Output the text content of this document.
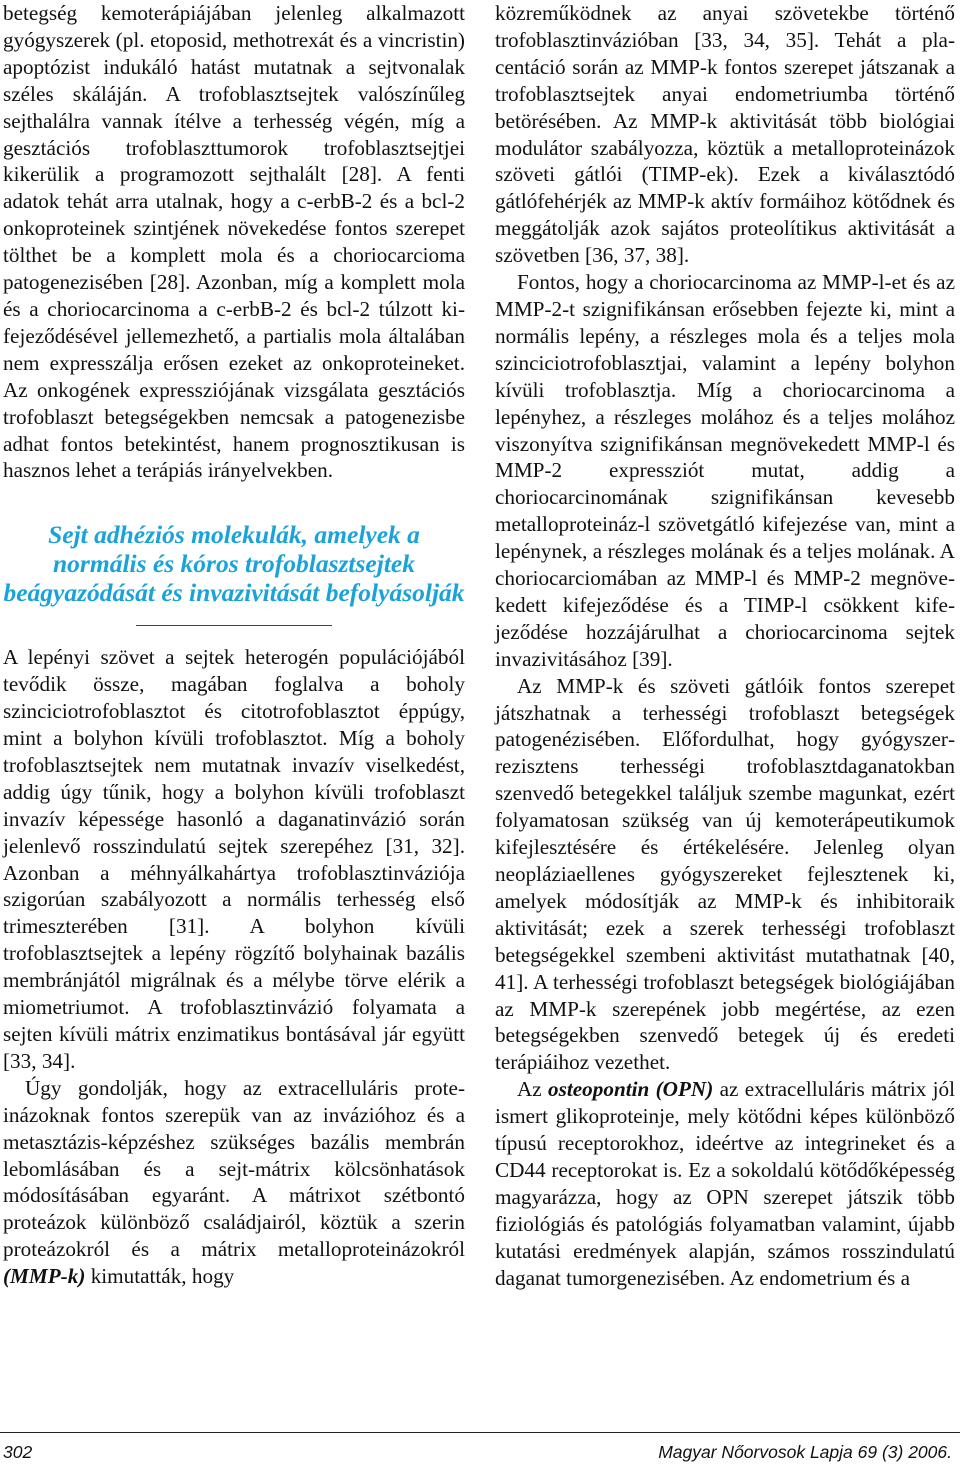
betegség kemoterápiájában jelenleg alkalmazott gyógyszerek (pl. etoposid, methotrexát és a vincristin) apoptózist indukáló hatást mutatnak a sejtvonalak széles skáláján. A trofoblasztsejtek valószínűleg sejthalálra vannak ítélve a terhesség végén, míg a gesztációs trofoblaszttumorok trofoblasztsejtjei kikerülik a programozott sejthalált [28]. A fenti adatok tehát arra utalnak, hogy a c-erbB-2 és a bcl-2 onkoproteinek szintjének növekedése fontos szerepet tölthet be a komplett mola és a choriocarcioma patogenezisében [28]. Azonban, míg a komplett mola és a choriocarcinoma a c-erbB-2 és bcl-2 túlzott kifejeződésével jellemezhető, a partialis mola általában nem expresszálja erősen ezeket az onkoproteineket. Az onkogének expressziójának vizsgálata gesztációs trofoblaszt betegségekben nemcsak a patogenezisbe adhat fontos betekintést, hanem prognosztikusan is hasznos lehet a terápiás irányelvekben.

Sejt adhéziós molekulák, amelyek a normális és kóros trofoblasztsejtek beágyazódását és invazivitását befolyásolják

A lepényi szövet a sejtek heterogén populációjából tevődik össze, magában foglalva a boholy szinciciotrofoblasztot és citotrofoblasztot éppúgy, mint a bolyhon kívüli trofoblasztot. Míg a boholy trofoblasztsejtek nem mutatnak invazív viselkedést, addig úgy tűnik, hogy a bolyhon kívüli trofoblaszt invazív képessége hasonló a daganatinvázió során jelenlevő rosszindulatú sejtek szerepéhez [31, 32]. Azonban a méhnyálkahártya trofoblasztinváziója szigorúan szabályozott a normális terhesség első trimeszterében [31]. A bolyhon kívüli trofoblasztsejtek a lepény rögzítő bolyhainak bazális membránjától migrálnak és a mélybe törve elérik a miometriumot. A trofoblasztinvázió folyamata a sejten kívüli mátrix enzimatikus bontásával jár együtt [33, 34].

Úgy gondolják, hogy az extracelluláris proteinázoknak fontos szerepük van az invázióhoz és a metasztázis-képzéshez szükséges bazális membrán lebomlásában és a sejt-mátrix kölcsönhatások módosításában egyaránt. A mátrixot szétbontó proteázok különböző családjairól, köztük a szerin proteázokról és a mátrix metalloproteinázokról (MMP-k) kimutatták, hogy

közreműködnek az anyai szövetekbe történő trofoblasztinvázióban [33, 34, 35]. Tehát a placentáció során az MMP-k fontos szerepet játszanak a trofoblasztsejtek anyai endometriumba történő betörésében. Az MMP-k aktivitását több biológiai modulátor szabályozza, köztük a metalloproteinázok szöveti gátlói (TIMP-ek). Ezek a kiválasztódó gátlófehérjék az MMP-k aktív formáihoz kötődnek és meggátolják azok sajátos proteolítikus aktivitását a szövetben [36, 37, 38].

Fontos, hogy a choriocarcinoma az MMP-l-et és az MMP-2-t szignifikánsan erősebben fejezte ki, mint a normális lepény, a részleges mola és a teljes mola szinciciotrofoblasztjai, valamint a lepény bolyhon kívüli trofoblasztja. Míg a choriocarcinoma a lepényhez, a részleges molához és a teljes molához viszonyítva szignifikánsan megnövekedett MMP-l és MMP-2 expressziót mutat, addig a choriocarcinomának szignifikánsan kevesebb metalloproteináz-l szövetgátló kifejezése van, mint a lepénynek, a részleges molának és a teljes molának. A choriocarciomában az MMP-l és MMP-2 megnövekedett kifejeződése és a TIMP-l csökkent kifejeződése hozzájárulhat a choriocarcinoma sejtek invazivitásához [39].

Az MMP-k és szöveti gátlóik fontos szerepet játszhatnak a terhességi trofoblaszt betegségek patogenézisében. Előfordulhat, hogy gyógyszerrezisztens terhességi trofoblasztdaganatokban szenvedő betegekkel találjuk szembe magunkat, ezért folyamatosan szükség van új kemoterápeutikumok kifejlesztésére és értékelésére. Jelenleg olyan neopláziaellenes gyógyszereket fejlesztenek ki, amelyek módosítják az MMP-k és inhibitoraik aktivitását; ezek a szerek terhességi trofoblaszt betegségekkel szembeni aktivitást mutathatnak [40, 41]. A terhességi trofoblaszt betegségek biológiájában az MMP-k szerepének jobb megértése, az ezen betegségekben szenvedő betegek új és eredeti terápiáihoz vezethet.

Az osteopontin (OPN) az extracelluláris mátrix jól ismert glikoproteinje, mely kötődni képes különböző típusú receptorokhoz, ideértve az integrineket és a CD44 receptorokat is. Ez a sokoldalú kötődőképesség magyarázza, hogy az OPN szerepet játszik több fiziológiás és patológiás folyamatban valamint, újabb kutatási eredmények alapján, számos rosszindulatú daganat tumorgenezisében. Az endometrium és a

302	Magyar Nőorvosok Lapja 69 (3) 2006.
